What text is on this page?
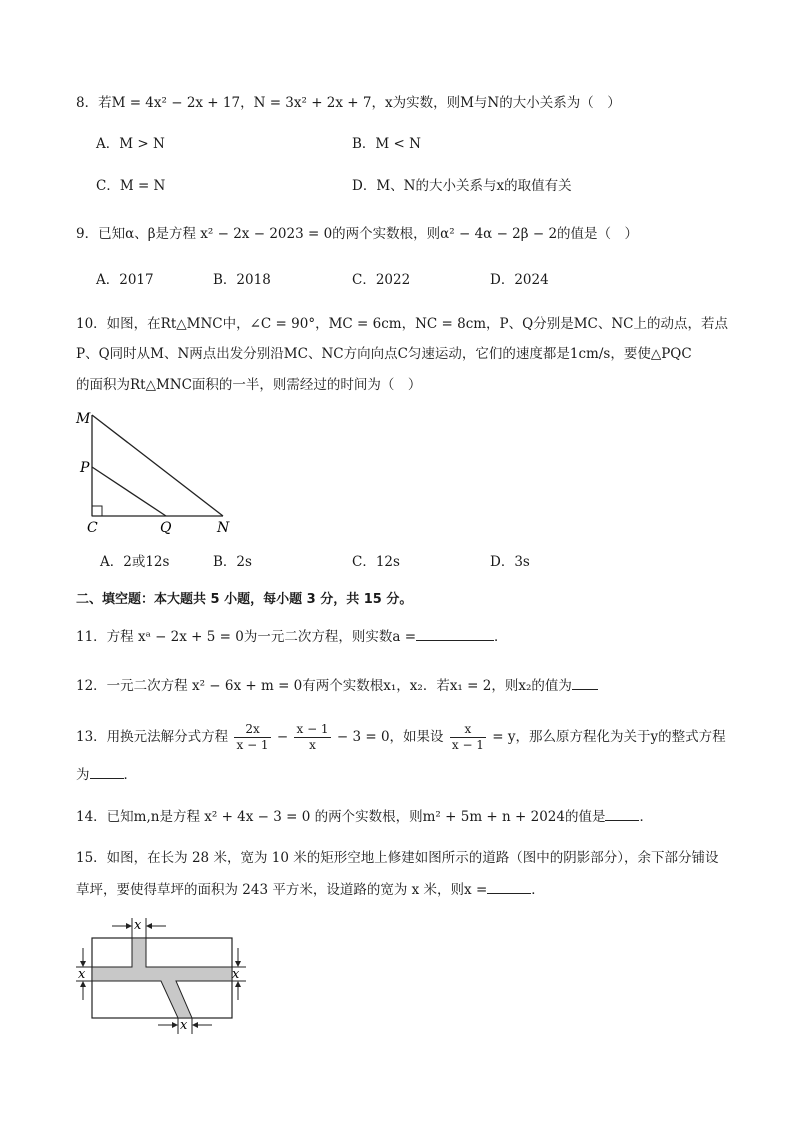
8．若M = 4x² − 2x + 17，N = 3x² + 2x + 7，x为实数，则M与N的大小关系为（　）
A．M > N	B．M < N
C．M = N	D．M、N的大小关系与x的取值有关
9．已知α、β是方程 x² − 2x − 2023 = 0的两个实数根，则α² − 4α − 2β − 2的值是（　）
A．2017	B．2018	C．2022	D．2024
10．如图，在Rt△MNC中，∠C = 90°，MC = 6cm，NC = 8cm，P、Q分别是MC、NC上的动点，若点
P、Q同时从M、N两点出发分别沿MC、NC方向向点C匀速运动，它们的速度都是1cm/s，要使△PQC
的面积为Rt△MNC面积的一半，则需经过的时间为（　）
M
P
C	Q	N
A．2或12s	B．2s	C．12s	D．3s
二、填空题：本大题共 5 小题，每小题 3 分，共 15 分。
11．方程 xᵃ − 2x + 5 = 0为一元二次方程，则实数a =	．
12．一元二次方程 x² − 6x + m = 0有两个实数根x₁，x₂．若x₁ = 2，则x₂的值为
13．用换元法解分式方程 $\frac{2x}{x - 1} - \frac{x - 1}{x} - 3 = 0$，如果设 $\frac{x}{x - 1} = y$，那么原方程化为关于y的整式方程
为	．
14．已知m,n是方程 x² + 4x − 3 = 0 的两个实数根，则m² + 5m + n + 2024的值是	．
15．如图，在长为 28 米，宽为 10 米的矩形空地上修建如图所示的道路（图中的阴影部分），余下部分铺设
草坪，要使得草坪的面积为 243 平方米，设道路的宽为 x 米，则x =	．
x
x	x
x
